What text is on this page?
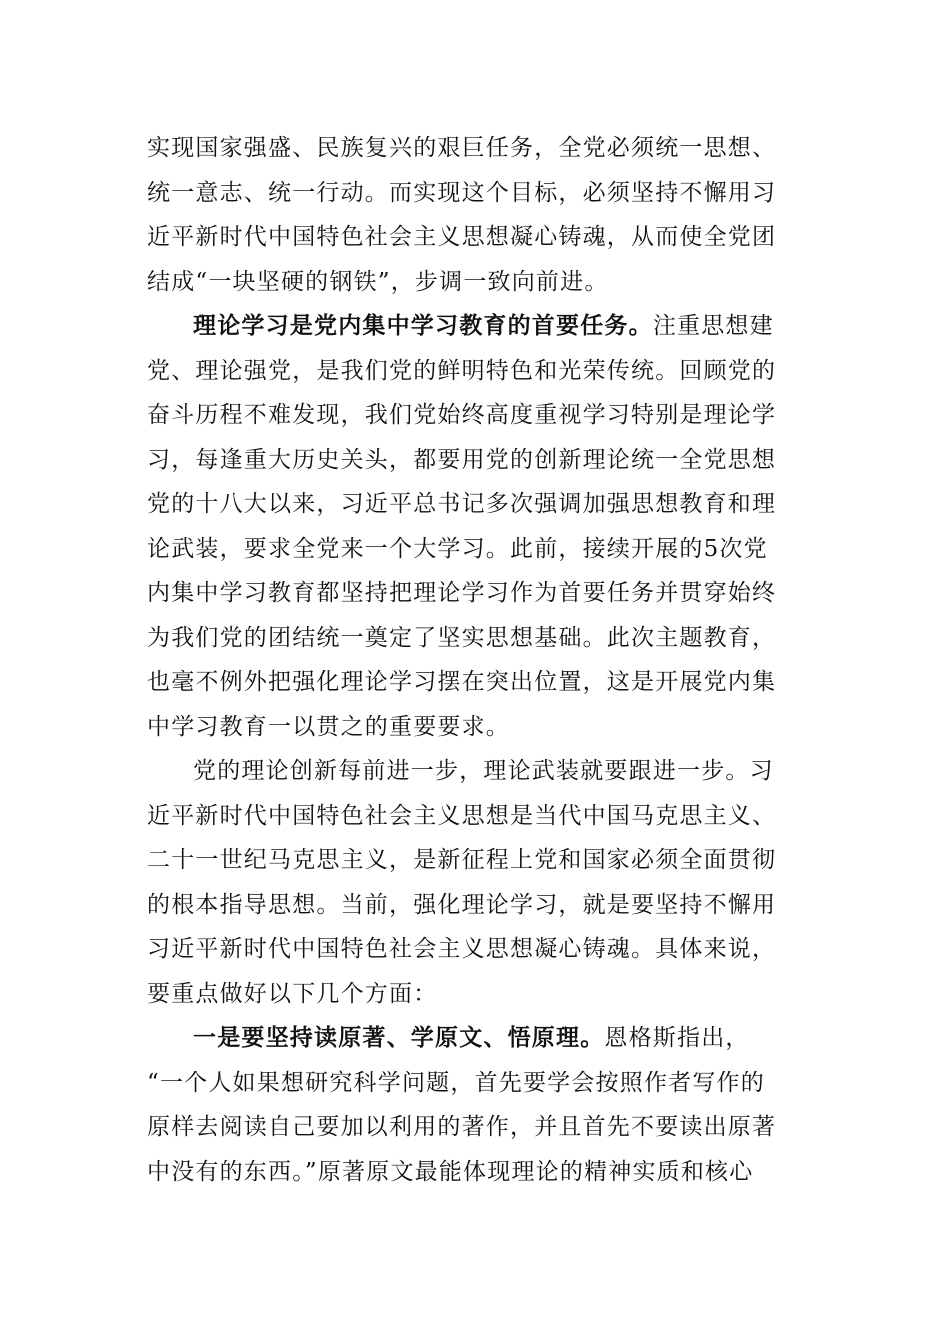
实现国家强盛、民族复兴的艰巨任务，全党必须统一思想、
统一意志、统一行动。而实现这个目标，必须坚持不懈用习
近平新时代中国特色社会主义思想凝心铸魂，从而使全党团
结成“一块坚硬的钢铁”，步调一致向前进。
理论学习是党内集中学习教育的首要任务。注重思想建
党、理论强党，是我们党的鲜明特色和光荣传统。回顾党的
奋斗历程不难发现，我们党始终高度重视学习特别是理论学
习，每逢重大历史关头，都要用党的创新理论统一全党思想
党的十八大以来，习近平总书记多次强调加强思想教育和理
论武装，要求全党来一个大学习。此前，接续开展的5次党
内集中学习教育都坚持把理论学习作为首要任务并贯穿始终
为我们党的团结统一奠定了坚实思想基础。此次主题教育，
也毫不例外把强化理论学习摆在突出位置，这是开展党内集
中学习教育一以贯之的重要要求。
党的理论创新每前进一步，理论武装就要跟进一步。习
近平新时代中国特色社会主义思想是当代中国马克思主义、
二十一世纪马克思主义，是新征程上党和国家必须全面贯彻
的根本指导思想。当前，强化理论学习，就是要坚持不懈用
习近平新时代中国特色社会主义思想凝心铸魂。具体来说，
要重点做好以下几个方面：
一是要坚持读原著、学原文、悟原理。恩格斯指出，
“一个人如果想研究科学问题，首先要学会按照作者写作的
原样去阅读自己要加以利用的著作，并且首先不要读出原著
中没有的东西。”原著原文最能体现理论的精神实质和核心
